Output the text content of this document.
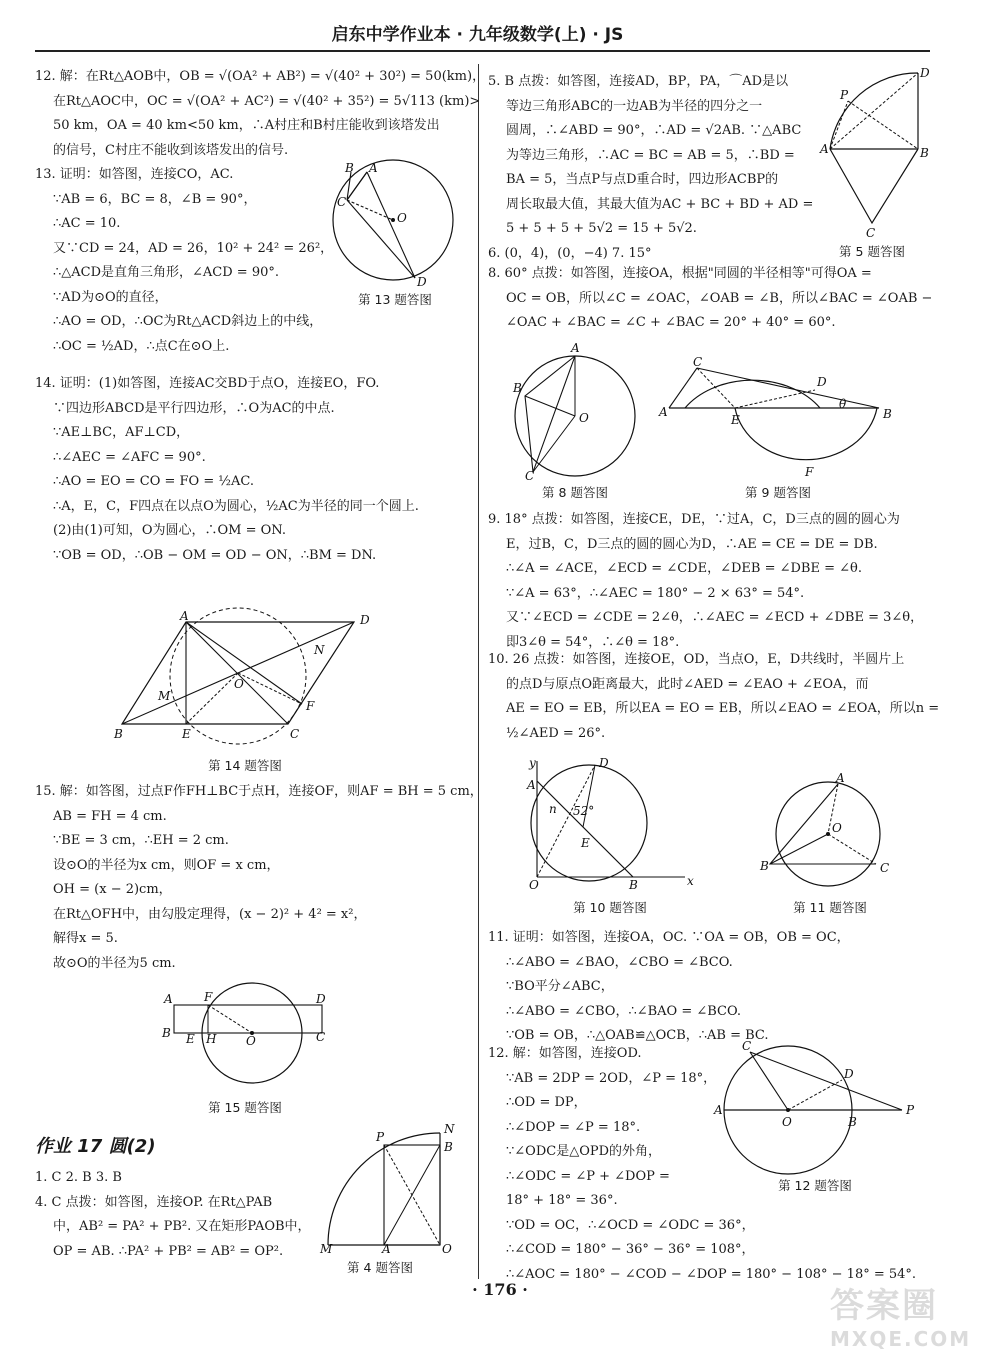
启东中学作业本 · 九年级数学(上) · JS

12. 解：在Rt△AOB中，OB = √(OA² + AB²) = √(40² + 30²) = 50(km)，

在Rt△AOC中，OC = √(OA² + AC²) = √(40² + 35²) = 5√113 (km)>

50 km，OA = 40 km<50 km，∴A村庄和B村庄能收到该塔发出

的信号，C村庄不能收到该塔发出的信号.

13. 证明：如答图，连接CO，AC.

∵AB = 6，BC = 8，∠B = 90°，

∴AC = 10.

又∵CD = 24，AD = 26，10² + 24² = 26²，

∴△ACD是直角三角形，∠ACD = 90°.

∵AD为⊙O的直径，

∴AO = OD，∴OC为Rt△ACD斜边上的中线，

∴OC = ½AD，∴点C在⊙O上.

B A
C
O
D
第 13 题答图

14. 证明：(1)如答图，连接AC交BD于点O，连接EO，FO.

∵四边形ABCD是平行四边形，∴O为AC的中点.

∵AE⊥BC，AF⊥CD，

∴∠AEC = ∠AFC = 90°.

∴AO = EO = CO = FO = ½AC.

∴A，E，C，F四点在以点O为圆心，½AC为半径的同一个圆上.

(2)由(1)可知，O为圆心，∴OM = ON.

∵OB = OD，∴OB − OM = OD − ON，∴BM = DN.

A	D
B	E	C
F
O
M
N
第 14 题答图

15. 解：如答图，过点F作FH⊥BC于点H，连接OF，则AF = BH = 5 cm，

AB = FH = 4 cm.

∵BE = 3 cm，∴EH = 2 cm.

设⊙O的半径为x cm，则OF = x cm，

OH = (x − 2)cm，

在Rt△OFH中，由勾股定理得，(x − 2)² + 4² = x²，

解得x = 5.

故⊙O的半径为5 cm.

A	F	D
B E H O	C
第 15 题答图
作业 17 圆(2)

1. C 2. B 3. B

4. C 点拨：如答图，连接OP. 在Rt△PAB

中，AB² = PA² + PB². 又在矩形PAOB中，

OP = AB. ∴PA² + PB² = AB² = OP².

P
N
B
M	A	O
第 4 题答图

5. B 点拨：如答图，连接AD，BP，PA，⌒AD是以

等边三角形ABC的一边AB为半径的四分之一

圆周，∴∠ABD = 90°，∴AD = √2AB. ∵△ABC

为等边三角形，∴AC = BC = AB = 5，∴BD =

BA = 5，当点P与点D重合时，四边形ACBP的

周长取最大值，其最大值为AC + BC + BD + AD =

5 + 5 + 5 + 5√2 = 15 + 5√2.

6. (0，4)，(0，−4) 7. 15°

P
D
A	B
C
第 5 题答图

8. 60° 点拨：如答图，连接OA，根据"同圆的半径相等"可得OA =

OC = OB，所以∠C = ∠OAC，∠OAB = ∠B，所以∠BAC = ∠OAB −

∠OAC + ∠BAC = ∠C + ∠BAC = 20° + 40° = 60°.

A
B
O
C
第 8 题答图
A
C
D
E	B
θ
F
第 9 题答图

9. 18° 点拨：如答图，连接CE，DE，∵过A，C，D三点的圆的圆心为

E，过B，C，D三点的圆的圆心为D，∴AE = CE = DE = DB.

∴∠A = ∠ACE，∠ECD = ∠CDE，∠DEB = ∠DBE = ∠θ.

∵∠A = 63°，∴∠AEC = 180° − 2 × 63° = 54°.

又∵∠ECD = ∠CDE = 2∠θ，∴∠AEC = ∠ECD + ∠DBE = 3∠θ，

即3∠θ = 54°，∴∠θ = 18°.

10. 26 点拨：如答图，连接OE，OD，当点O，E，D共线时，半圆片上

的点D与原点O距离最大，此时∠AED = ∠EAO + ∠EOA，而

AE = EO = EB，所以EA = EO = EB，所以∠EAO = ∠EOA，所以n =

½∠AED = 26°.

y
A
D
52°
n
E
O	B	x
第 10 题答图
A
O
B	C
第 11 题答图

11. 证明：如答图，连接OA，OC. ∵OA = OB，OB = OC，

∴∠ABO = ∠BAO，∠CBO = ∠BCO.

∵BO平分∠ABC，

∴∠ABO = ∠CBO，∴∠BAO = ∠BCO.

∵OB = OB，∴△OAB≌△OCB，∴AB = BC.

12. 解：如答图，连接OD.

∵AB = 2DP = 2OD，∠P = 18°，

∴OD = DP，

∴∠DOP = ∠P = 18°.

∵∠ODC是△OPD的外角，

∴∠ODC = ∠P + ∠DOP =

18° + 18° = 36°.

∵OD = OC，∴∠OCD = ∠ODC = 36°，

∴∠COD = 180° − 36° − 36° = 108°，

∴∠AOC = 180° − ∠COD − ∠DOP = 180° − 108° − 18° = 54°.

C
D
A
O	B
P
第 12 题答图
· 176 ·	答案圈
MXQE.COM
